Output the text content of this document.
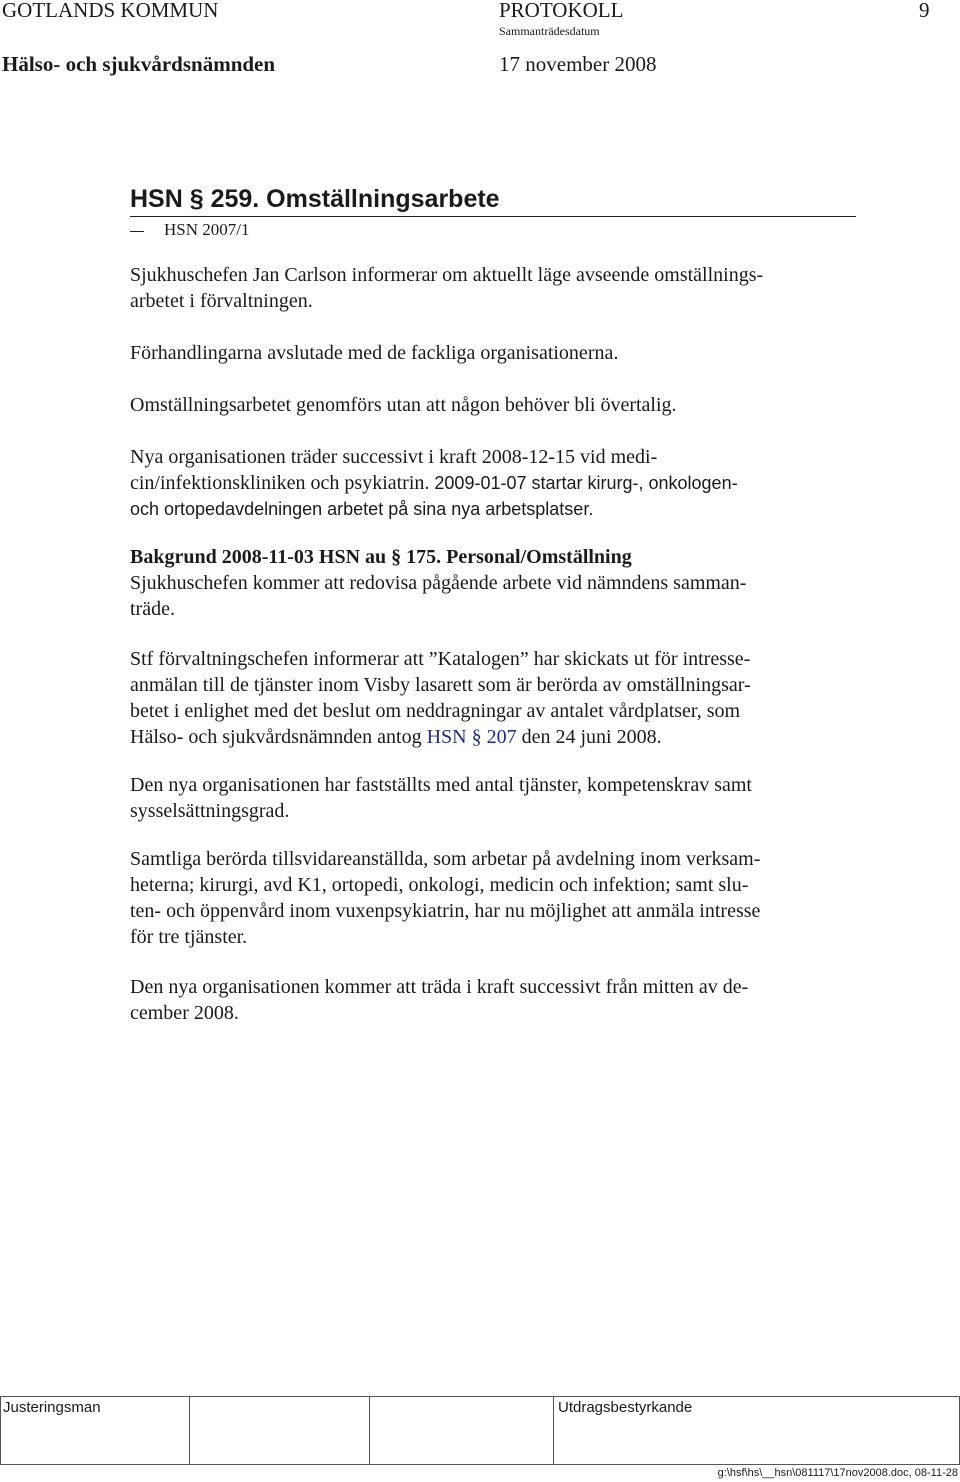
GOTLANDS KOMMUN	PROTOKOLL	9
Sammanträdesdatum
Hälso- och sjukvårdsnämnden	17 november 2008
HSN § 259. Omställningsarbete
HSN 2007/1

Sjukhuschefen Jan Carlson informerar om aktuellt läge avseende omställnings-

arbetet i förvaltningen.

Förhandlingarna avslutade med de fackliga organisationerna.

Omställningsarbetet genomförs utan att någon behöver bli övertalig.

Nya organisationen träder successivt i kraft 2008-12-15 vid medi-

cin/infektionskliniken och psykiatrin. 2009-01-07 startar kirurg-, onkologen-

och ortopedavdelningen arbetet på sina nya arbetsplatser.

Bakgrund 2008-11-03 HSN au § 175. Personal/Omställning

Sjukhuschefen kommer att redovisa pågående arbete vid nämndens samman-

träde.

Stf förvaltningschefen informerar att ”Katalogen” har skickats ut för intresse-

anmälan till de tjänster inom Visby lasarett som är berörda av omställningsar-

betet i enlighet med det beslut om neddragningar av antalet vårdplatser, som

Hälso- och sjukvårdsnämnden antog HSN § 207 den 24 juni 2008.

Den nya organisationen har fastställts med antal tjänster, kompetenskrav samt

sysselsättningsgrad.

Samtliga berörda tillsvidareanställda, som arbetar på avdelning inom verksam-

heterna; kirurgi, avd K1, ortopedi, onkologi, medicin och infektion; samt slu-

ten- och öppenvård inom vuxenpsykiatrin, har nu möjlighet att anmäla intresse

för tre tjänster.

Den nya organisationen kommer att träda i kraft successivt från mitten av de-

cember 2008.

Justeringsman	Utdragsbestyrkande
g:\hsf\hs\__hsn\081117\17nov2008.doc, 08-11-28
